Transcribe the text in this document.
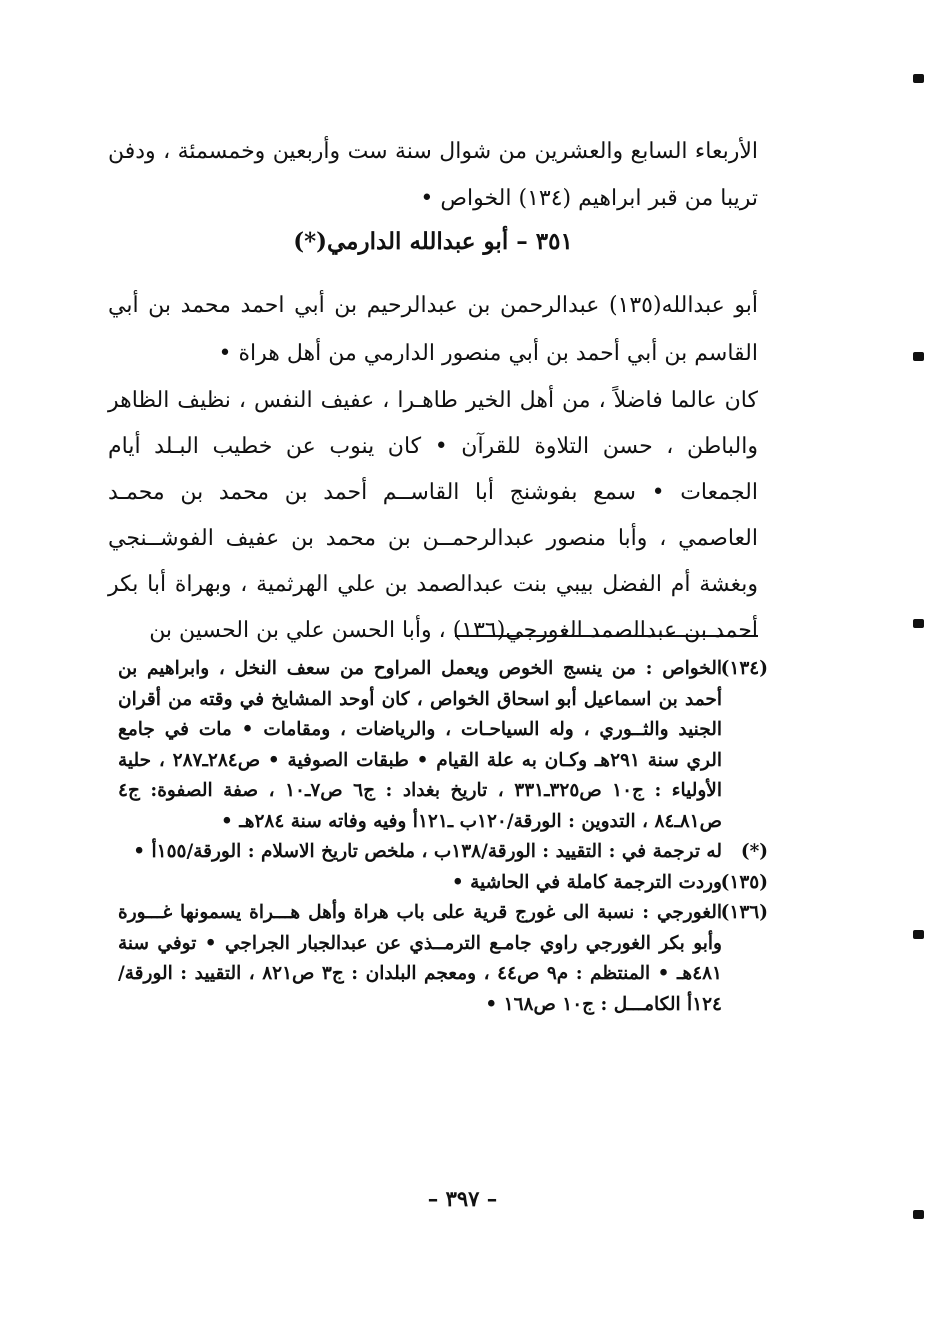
الأربعاء السابع والعشرين من شوال سنة ست وأربعين وخمسمئة ، ودفن تريبا من قبر ابراهيم (١٣٤) الخواص •
٣٥١ – أبو عبدالله الدارمي(*)
أبو عبدالله(١٣٥) عبدالرحمن بن عبدالرحيم بن أبي احمد محمد بن أبي القاسم بن أبي أحمد بن أبي منصور الدارمي من أهل هراة •
كان عالما فاضلاً ، من أهل الخير طاهـرا ، عفيف النفس ، نظيف الظاهر والباطن ، حسن التلاوة للقرآن • كان ينوب عن خطيب البـلد أيام الجمعات • سمع بفوشنج أبا القاســم أحمد بن محمد بن محمـد العاصمي ، وأبا منصور عبدالرحمــن بن محمد بن عفيف الفوشــنجي وبغشة أم الفضل بيبي بنت عبدالصمد بن علي الهرثمية ، وبهراة أبا بكر أحمد بن عبدالصمد الغورجي(١٣٦) ، وأبا الحسن علي بن الحسين بن
(١٣٤)
الخواص : من ينسج الخوص ويعمل المراوح من سعف النخل ، وابراهيم بن أحمد بن اسماعيل أبو اسحاق الخواص ، كان أوحد المشايخ في وقته من أقران الجنيد والثــوري ، وله السياحـات ، والرياضات ، ومقامات • مات في جامع الري سنة ٢٩١هـ وكـان به علة القيام • طبقات الصوفية • ص٢٨٤ـ٢٨٧ ، حلية الأولياء : ج١٠ ص٣٢٥ـ٣٣١ ، تاريخ بغداد : ج٦ ص٧ـ١٠ ، صفة الصفوة: ج٤ ص٨١ـ٨٤ ، التدوين : الورقة/١٢٠ب ـ١٢١أ وفيه وفاته سنة ٢٨٤هـ •
(*)
له ترجمة في : التقييد : الورقة/١٣٨ب ، ملخص تاريخ الاسلام : الورقة/١٥٥أ •
(١٣٥)
وردت الترجمة كاملة في الحاشية •
(١٣٦)
الغورجي : نسبة الى غورج قرية على باب هراة وأهل هـــراة يسمونها غـــورة وأبو بكر الغورجي راوي جامـع الترمــذي عن عبدالجبار الجراجي • توفي سنة ٤٨١هـ • المنتظم : م٩ ص٤٤ ، ومعجم البلدان : ج٣ ص٨٢١ ، التقييد : الورقة/١٢٤أ الكامـــل : ج١٠ ص١٦٨ •
– ٣٩٧ –
